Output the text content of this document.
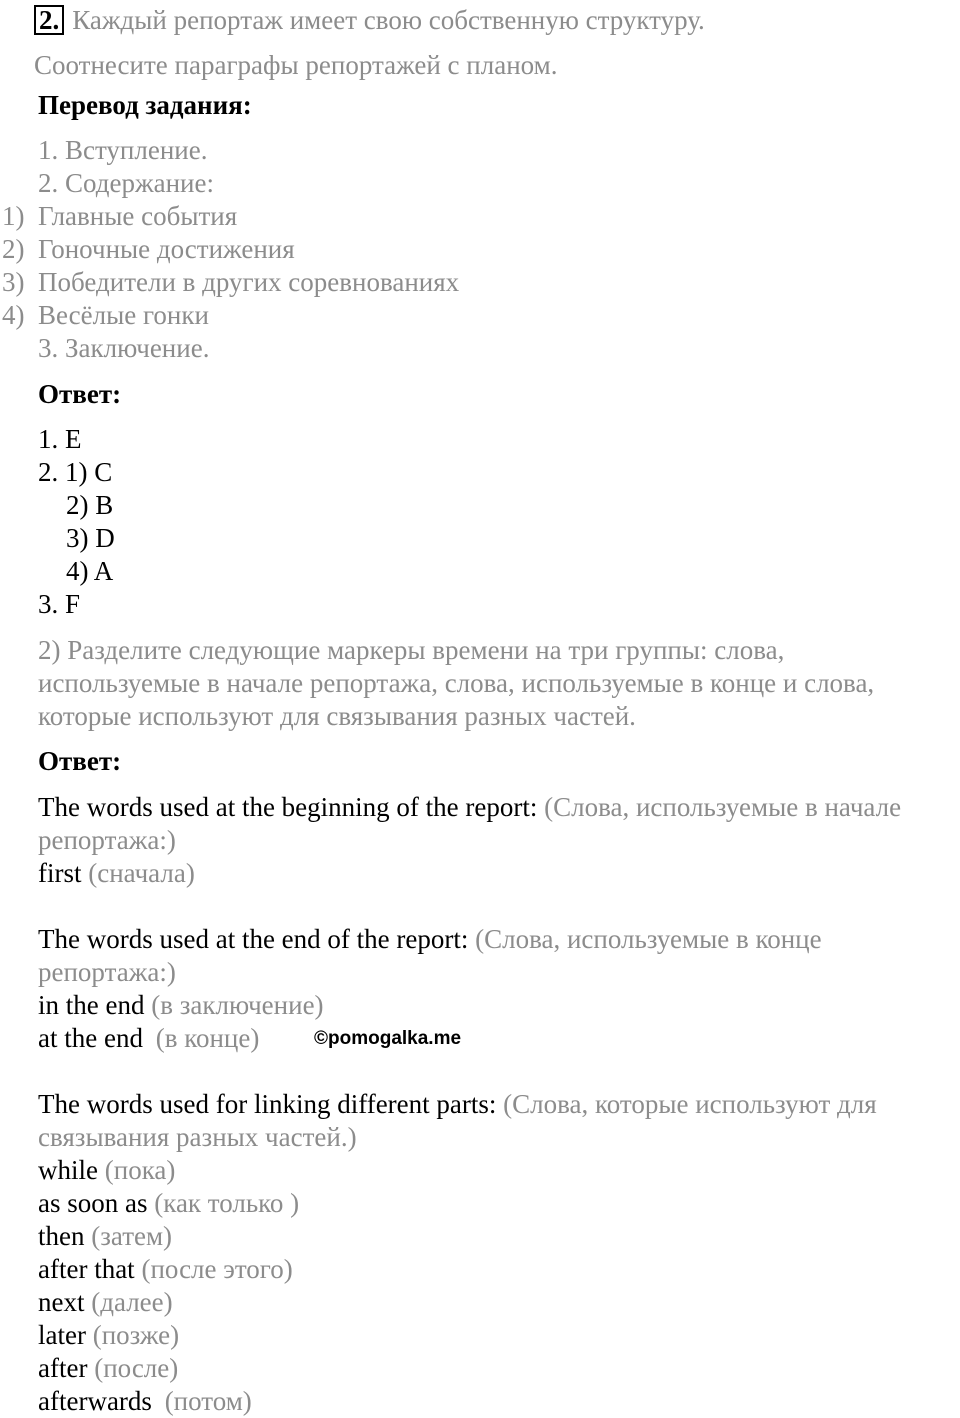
2. Каждый репортаж имеет свою собственную структуру.
Соотнесите параграфы репортажей с планом.
Перевод задания:
1. Вступление.
2. Содержание:
1) Главные события
2) Гоночные достижения
3) Победители в других соревнованиях
4) Весёлые гонки
3. Заключение.
Ответ:
1. E
2. 1) C
2) B
3) D
4) A
3. F
2) Разделите следующие маркеры времени на три группы: слова,
используемые в начале репортажа, слова, используемые в конце и слова,
которые используют для связывания разных частей.
Ответ:
The words used at the beginning of the report: (Слова, используемые в начале
репортажа:)
first (сначала)
The words used at the end of the report: (Слова, используемые в конце
репортажа:)
in the end (в заключение)
at the end (в конце)	©pomogalka.me
The words used for linking different parts: (Слова, которые используют для
связывания разных частей.)
while (пока)
as soon as (как только )
then (затем)
after that (после этого)
next (далее)
later (позже)
after (после)
afterwards (потом)
